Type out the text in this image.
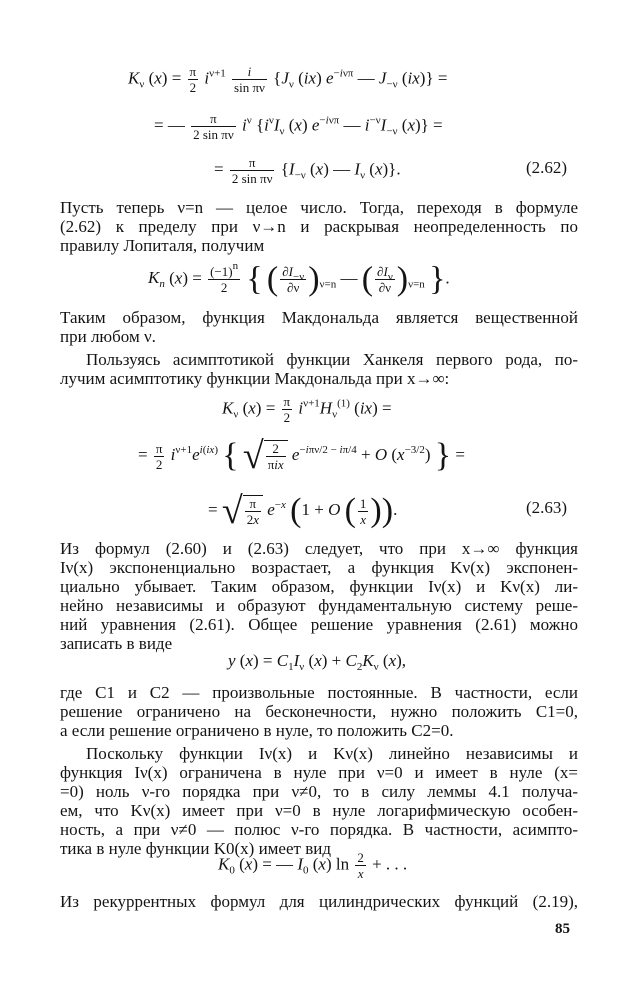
$K_\nu$ $(x) = \frac{\pi}{2} i^{\nu+1} \frac{i}{\text{sin πν}} \{J_\nu$ (ix) $e^{-i\nu\pi}$ — $J_{-\nu}$ (ix)} =
= — $\frac{\pi}{\text{2 sin πν}} i^\nu$ {$i^\nu I_\nu$ (x) $e^{-i\nu\pi}$ — $i^{-\nu}I_{-\nu}$ (x)} =
= $\frac{\pi}{\text{2 sin πν}} \{I_{-\nu}$ (x) — $I_\nu$ (x)}.	(2.62)
Пусть теперь ν=n — целое число. Тогда, переходя в формуле
(2.62) к пределу при ν→n и раскрывая неопределенность по
правилу Лопиталя, получим
$K_n$ $(x) = \frac{(-1)^n}{2}$ { ( $\frac{\partial I_{-\nu}}{\partial\nu} )_{\nu=n}$ — ( $\frac{\partial I_\nu}{\partial\nu} )_{\nu=n}$ }.
Таким образом, функция Макдональда является вещественной
при любом ν.
Пользуясь асимптотикой функции Ханкеля первого рода, по-
лучим асимптотику функции Макдональда при x→∞:
$K_\nu$ $(x) = \frac{\pi}{2} i^{\nu+1}H_\nu^{(1)}$ (ix) =
= $\frac{\pi}{2} i^{\nu+1}e^{i(ix)}$ { √ $\frac{2}{\text{πix}} e^{-i\pi\nu/2 - i\pi/4} + O$ $(x^{-3/2})$ } =
= √ $\frac{\pi}{2x} e^{-x}$ (1 + O ( $\frac{1}{x}$ )).	(2.63)
Из формул (2.60) и (2.63) следует, что при x→∞ функция
Iν(x) экспоненциально возрастает, а функция Kν(x) экспонен-
циально убывает. Таким образом, функции Iν(x) и Kν(x) ли-
нейно независимы и образуют фундаментальную систему реше-
ний уравнения (2.61). Общее решение уравнения (2.61) можно
записать в виде
y $(x) = C_1I_\nu$ $(x) + C_2K_\nu$ (x),
где C1 и C2 — произвольные постоянные. В частности, если
решение ограничено на бесконечности, нужно положить C1=0,
а если решение ограничено в нуле, то положить C2=0.
Поскольку функции Iν(x) и Kν(x) линейно независимы и
функция Iν(x) ограничена в нуле при ν=0 и имеет в нуле (x=
=0) ноль ν-го порядка при ν≠0, то в силу леммы 4.1 получа-
ем, что Kν(x) имеет при ν=0 в нуле логарифмическую особен-
ность, а при ν≠0 — полюс ν-го порядка. В частности, асимпто-
тика в нуле функции K0(x) имеет вид
$K_0$ (x) = — $I_0$ (x) $\ln \frac{2}{x}$ + . . .
Из рекуррентных формул для цилиндрических функций (2.19),
85
